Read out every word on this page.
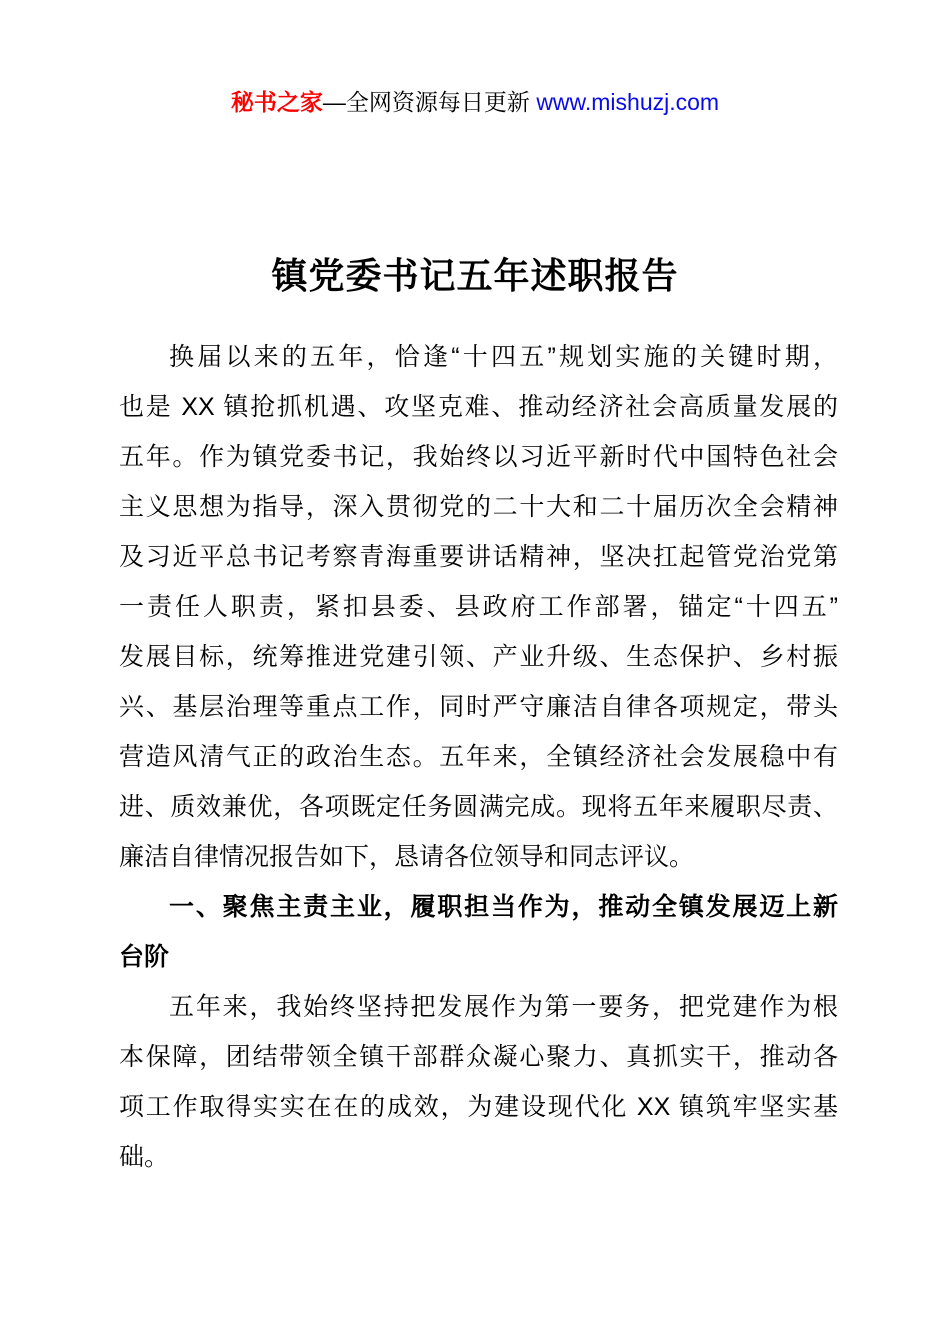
秘书之家—全网资源每日更新 www.mishuzj.com
镇党委书记五年述职报告
换届以来的五年，恰逢“十四五”规划实施的关键时期，
也是 XX 镇抢抓机遇、攻坚克难、推动经济社会高质量发展的
五年。作为镇党委书记，我始终以习近平新时代中国特色社会
主义思想为指导，深入贯彻党的二十大和二十届历次全会精神
及习近平总书记考察青海重要讲话精神，坚决扛起管党治党第
一责任人职责，紧扣县委、县政府工作部署，锚定“十四五”
发展目标，统筹推进党建引领、产业升级、生态保护、乡村振
兴、基层治理等重点工作，同时严守廉洁自律各项规定，带头
营造风清气正的政治生态。五年来，全镇经济社会发展稳中有
进、质效兼优，各项既定任务圆满完成。现将五年来履职尽责、
廉洁自律情况报告如下，恳请各位领导和同志评议。
一、聚焦主责主业，履职担当作为，推动全镇发展迈上新
台阶
五年来，我始终坚持把发展作为第一要务，把党建作为根
本保障，团结带领全镇干部群众凝心聚力、真抓实干，推动各
项工作取得实实在在的成效，为建设现代化 XX 镇筑牢坚实基
础。
